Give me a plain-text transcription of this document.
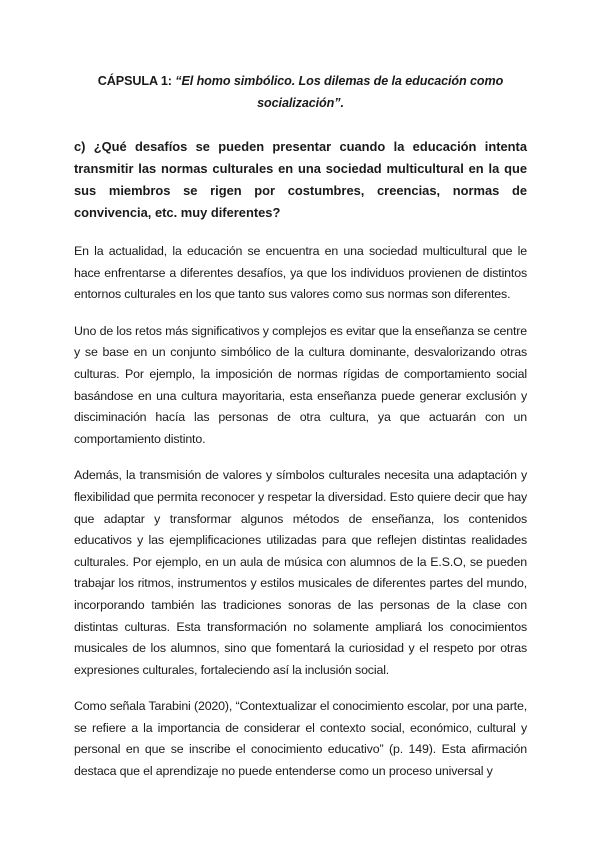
CÁPSULA 1: “El homo simbólico. Los dilemas de la educación como socialización”.

c) ¿Qué desafíos se pueden presentar cuando la educación intenta transmitir las normas culturales en una sociedad multicultural en la que sus miembros se rigen por costumbres, creencias, normas de convivencia, etc. muy diferentes?

En la actualidad, la educación se encuentra en una sociedad multicultural que le hace enfrentarse a diferentes desafíos, ya que los individuos provienen de distintos entornos culturales en los que tanto sus valores como sus normas son diferentes.

Uno de los retos más significativos y complejos es evitar que la enseñanza se centre y se base en un conjunto simbólico de la cultura dominante, desvalorizando otras culturas. Por ejemplo, la imposición de normas rígidas de comportamiento social basándose en una cultura mayoritaria, esta enseñanza puede generar exclusión y disciminación hacía las personas de otra cultura, ya que actuarán con un comportamiento distinto.

Además, la transmisión de valores y símbolos culturales necesita una adaptación y flexibilidad que permita reconocer y respetar la diversidad. Esto quiere decir que hay que adaptar y transformar algunos métodos de enseñanza, los contenidos educativos y las ejemplificaciones utilizadas para que reflejen distintas realidades culturales. Por ejemplo, en un aula de música con alumnos de la E.S.O, se pueden trabajar los ritmos, instrumentos y estilos musicales de diferentes partes del mundo, incorporando también las tradiciones sonoras de las personas de la clase con distintas culturas. Esta transformación no solamente ampliará los conocimientos musicales de los alumnos, sino que fomentará la curiosidad y el respeto por otras expresiones culturales, fortaleciendo así la inclusión social.

Como señala Tarabini (2020), “Contextualizar el conocimiento escolar, por una parte, se refiere a la importancia de considerar el contexto social, económico, cultural y personal en que se inscribe el conocimiento educativo” (p. 149). Esta afirmación destaca que el aprendizaje no puede entenderse como un proceso universal y
